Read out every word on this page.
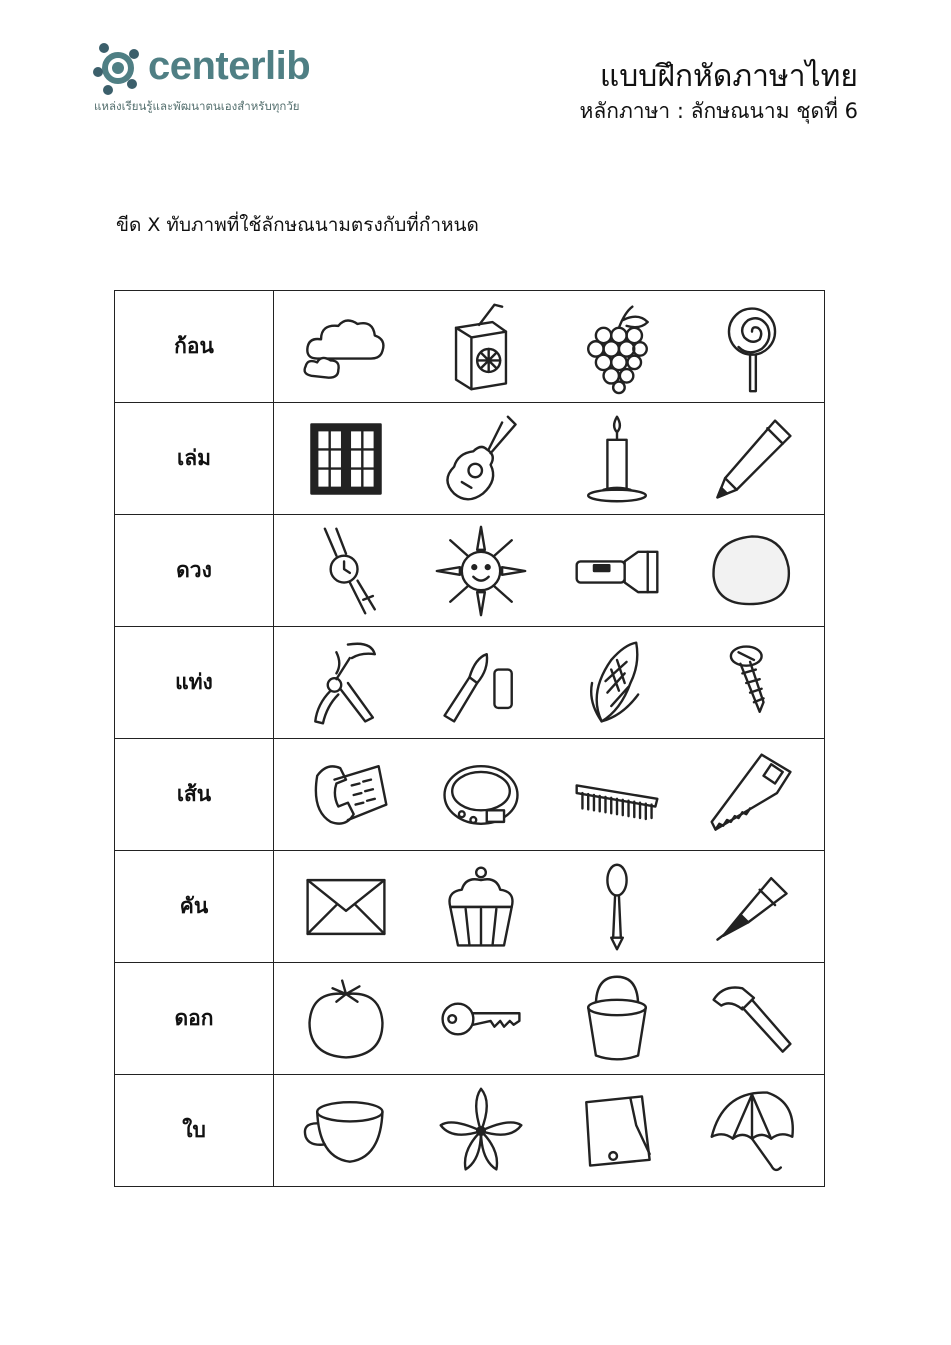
centerlib
แหล่งเรียนรู้และพัฒนาตนเองสำหรับทุกวัย
แบบฝึกหัดภาษาไทย
หลักภาษา : ลักษณนาม ชุดที่ 6
ขีด X ทับภาพที่ใช้ลักษณนามตรงกับที่กำหนด
ก้อน	

เล่ม	

ดวง	

แท่ง	

เส้น	

คัน	

ดอก	

ใบ	
